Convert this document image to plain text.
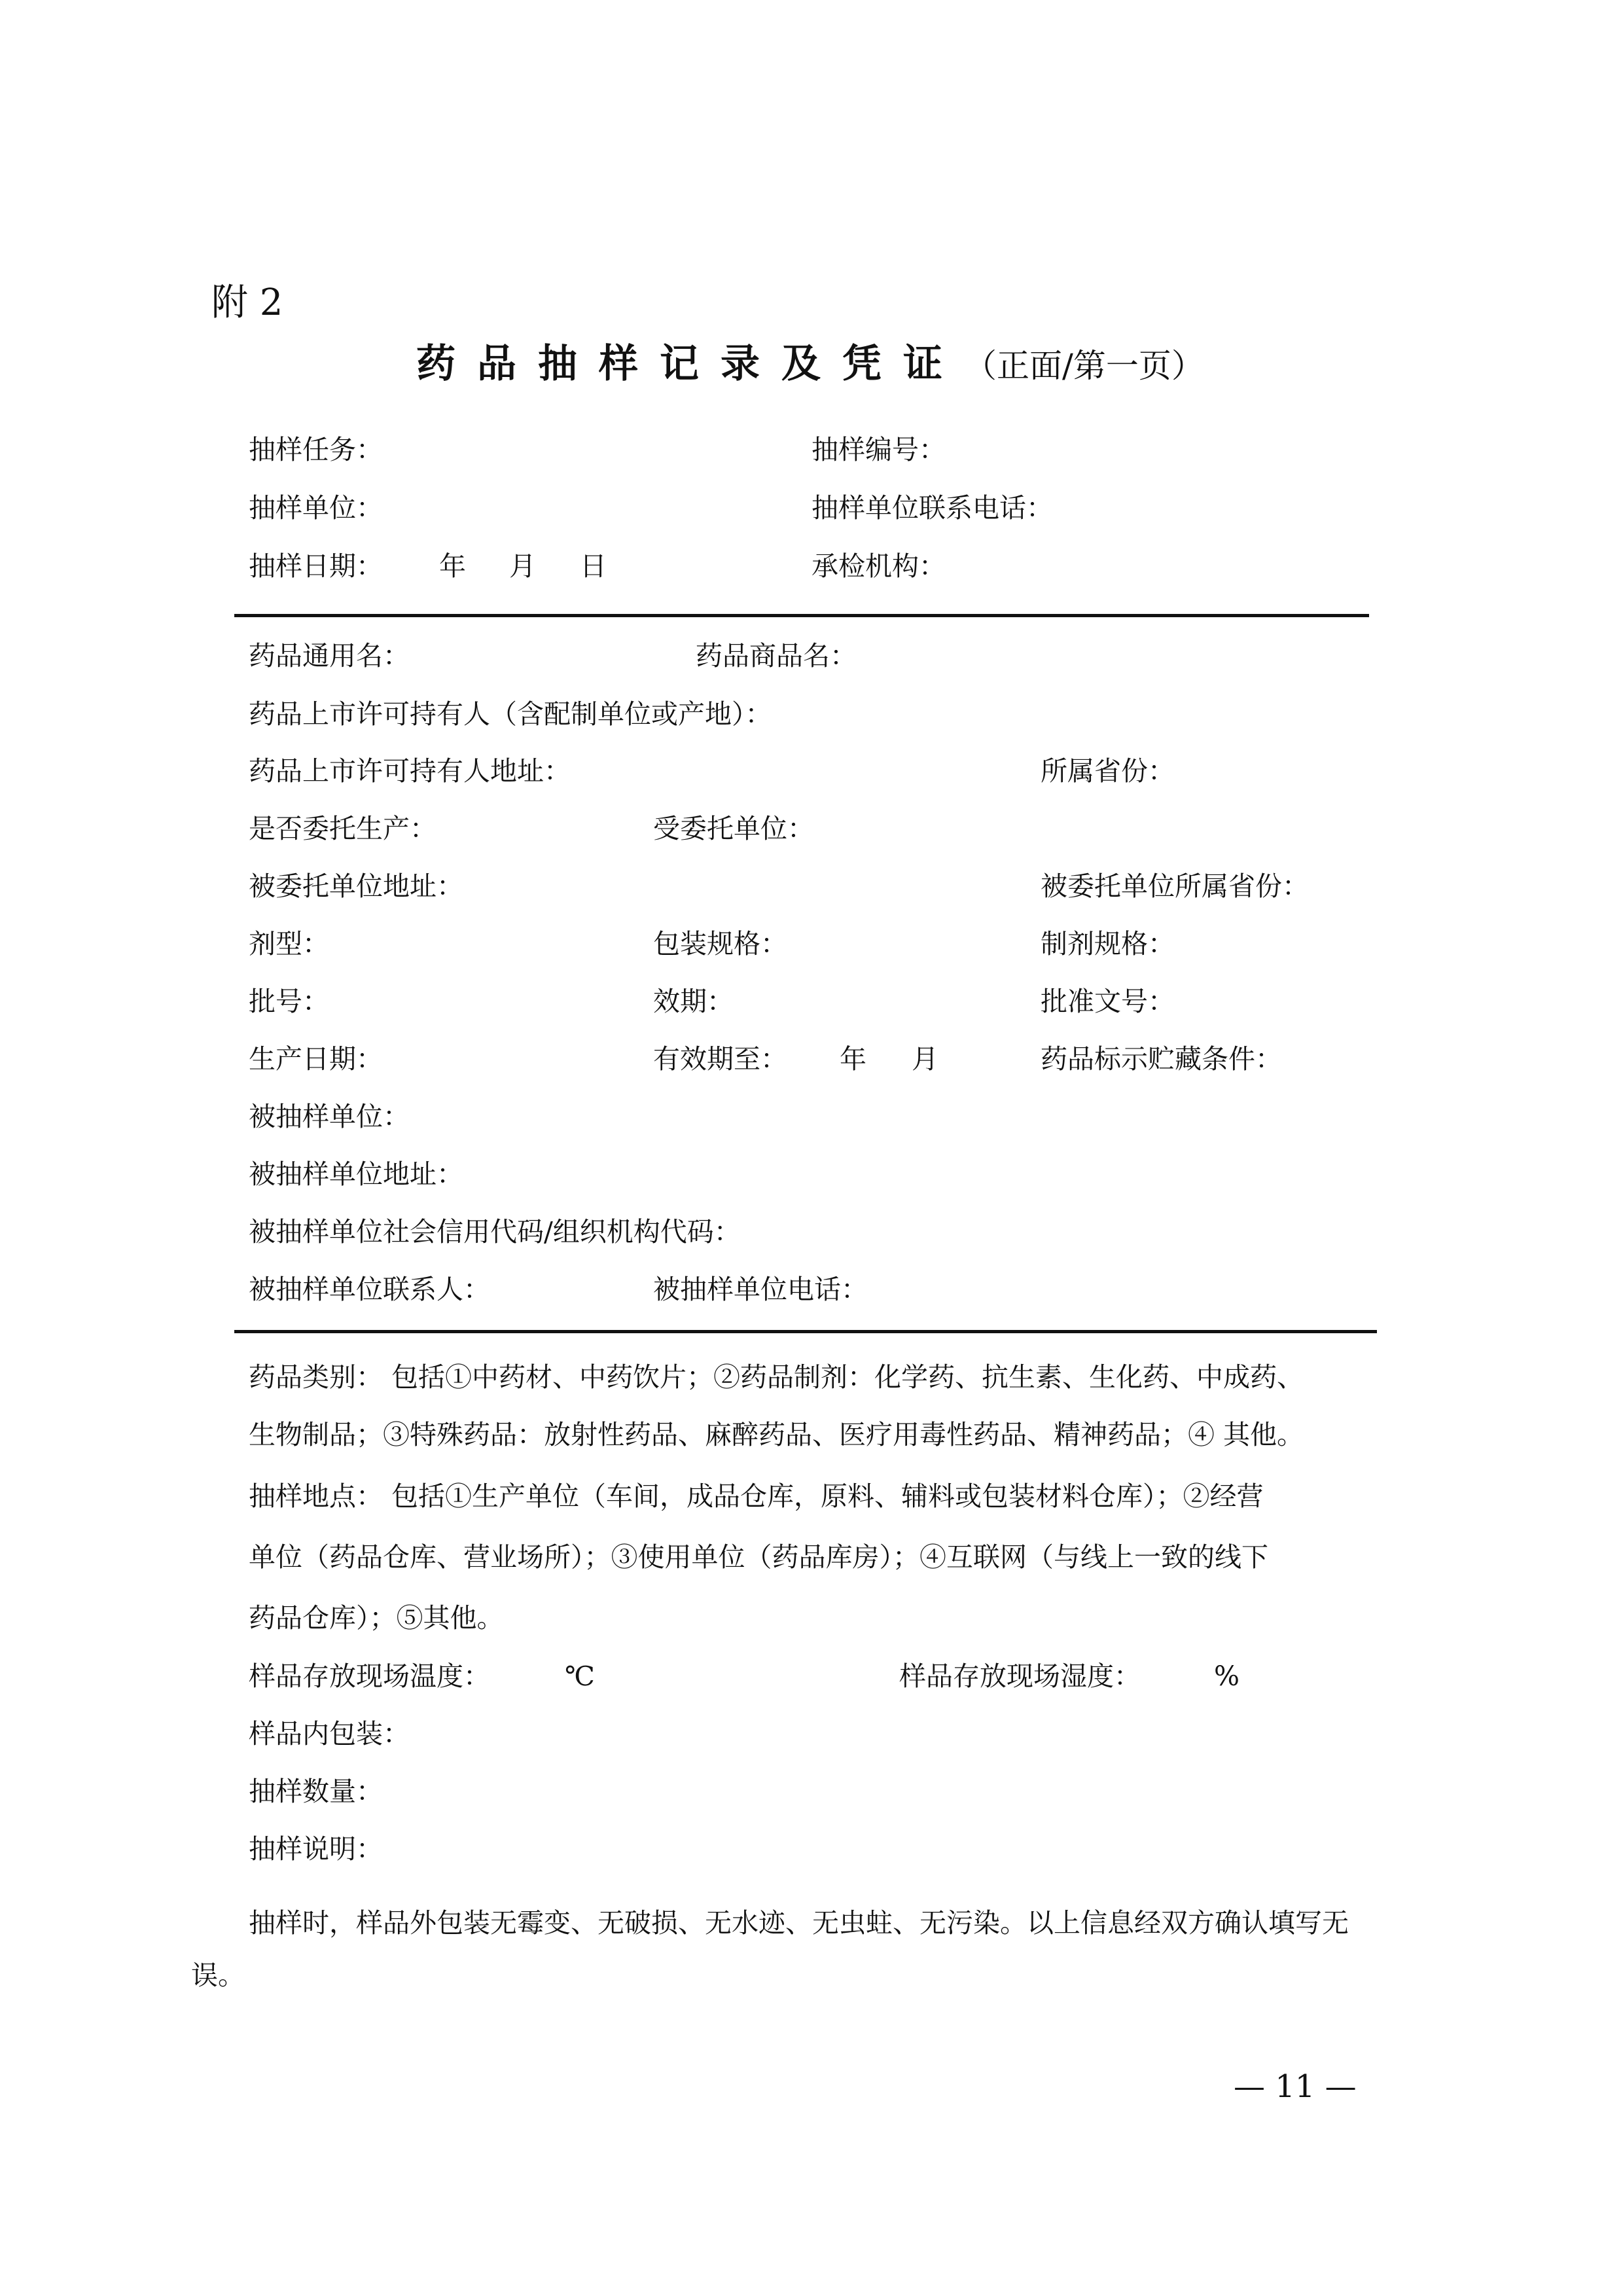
附 2
药品抽样记录及凭证（正面/第一页）
抽样任务：	抽样编号：
抽样单位：	抽样单位联系电话：
抽样日期： 年 月 日	承检机构：
药品通用名：	药品商品名：
药品上市许可持有人（含配制单位或产地）：
药品上市许可持有人地址：	所属省份：
是否委托生产：	受委托单位：
被委托单位地址：	被委托单位所属省份：
剂型：	包装规格：	制剂规格：
批号：	效期：	批准文号：
生产日期：	有效期至： 年 月	药品标示贮藏条件：
被抽样单位：
被抽样单位地址：
被抽样单位社会信用代码/组织机构代码：
被抽样单位联系人：	被抽样单位电话：
药品类别： 包括①中药材、中药饮片；②药品制剂：化学药、抗生素、生化药、中成药、
生物制品；③特殊药品：放射性药品、麻醉药品、医疗用毒性药品、精神药品；④ 其他。
抽样地点： 包括①生产单位（车间，成品仓库，原料、辅料或包装材料仓库）；②经营
单位（药品仓库、营业场所）；③使用单位（药品库房）；④互联网（与线上一致的线下
药品仓库）；⑤其他。
样品存放现场温度：	℃	样品存放现场湿度：	%
样品内包装：
抽样数量：
抽样说明：
抽样时，样品外包装无霉变、无破损、无水迹、无虫蛀、无污染。以上信息经双方确认填写无
误。
— 11 —
